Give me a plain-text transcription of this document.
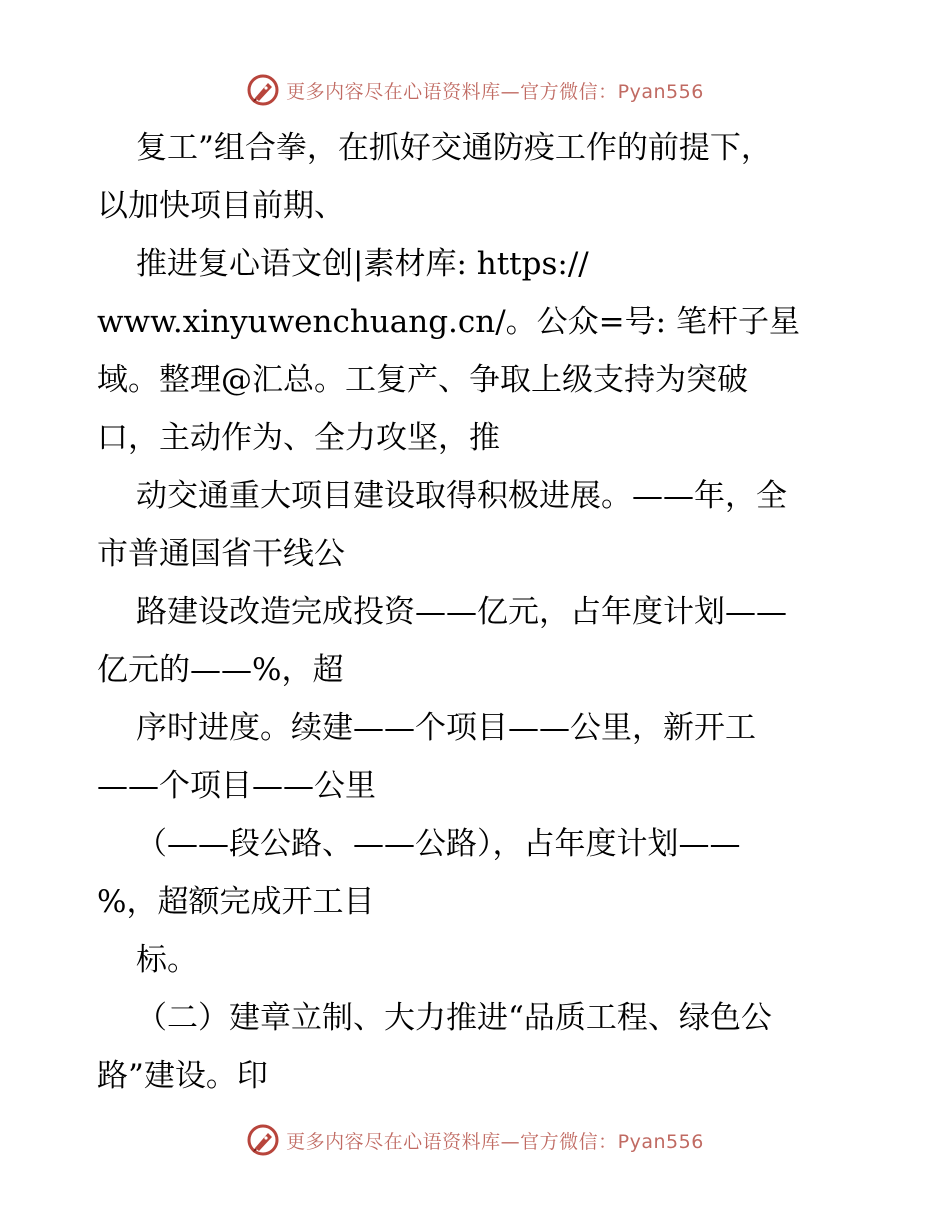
更多内容尽在心语资料库—官方微信：Pyan556
复工”组合拳，在抓好交通防疫工作的前提下，
以加快项目前期、
推进复心语文创|素材库: https://
www.xinyuwenchuang.cn/。公众=号: 笔杆子星
域。整理@汇总。工复产、争取上级支持为突破
口，主动作为、全力攻坚，推
动交通重大项目建设取得积极进展。——年，全
市普通国省干线公
路建设改造完成投资——亿元，占年度计划——
亿元的——%，超
序时进度。续建——个项目——公里，新开工
——个项目——公里
（——段公路、——公路），占年度计划——
%，超额完成开工目
标。
（二）建章立制、大力推进“品质工程、绿色公
路”建设。印
更多内容尽在心语资料库—官方微信：Pyan556
